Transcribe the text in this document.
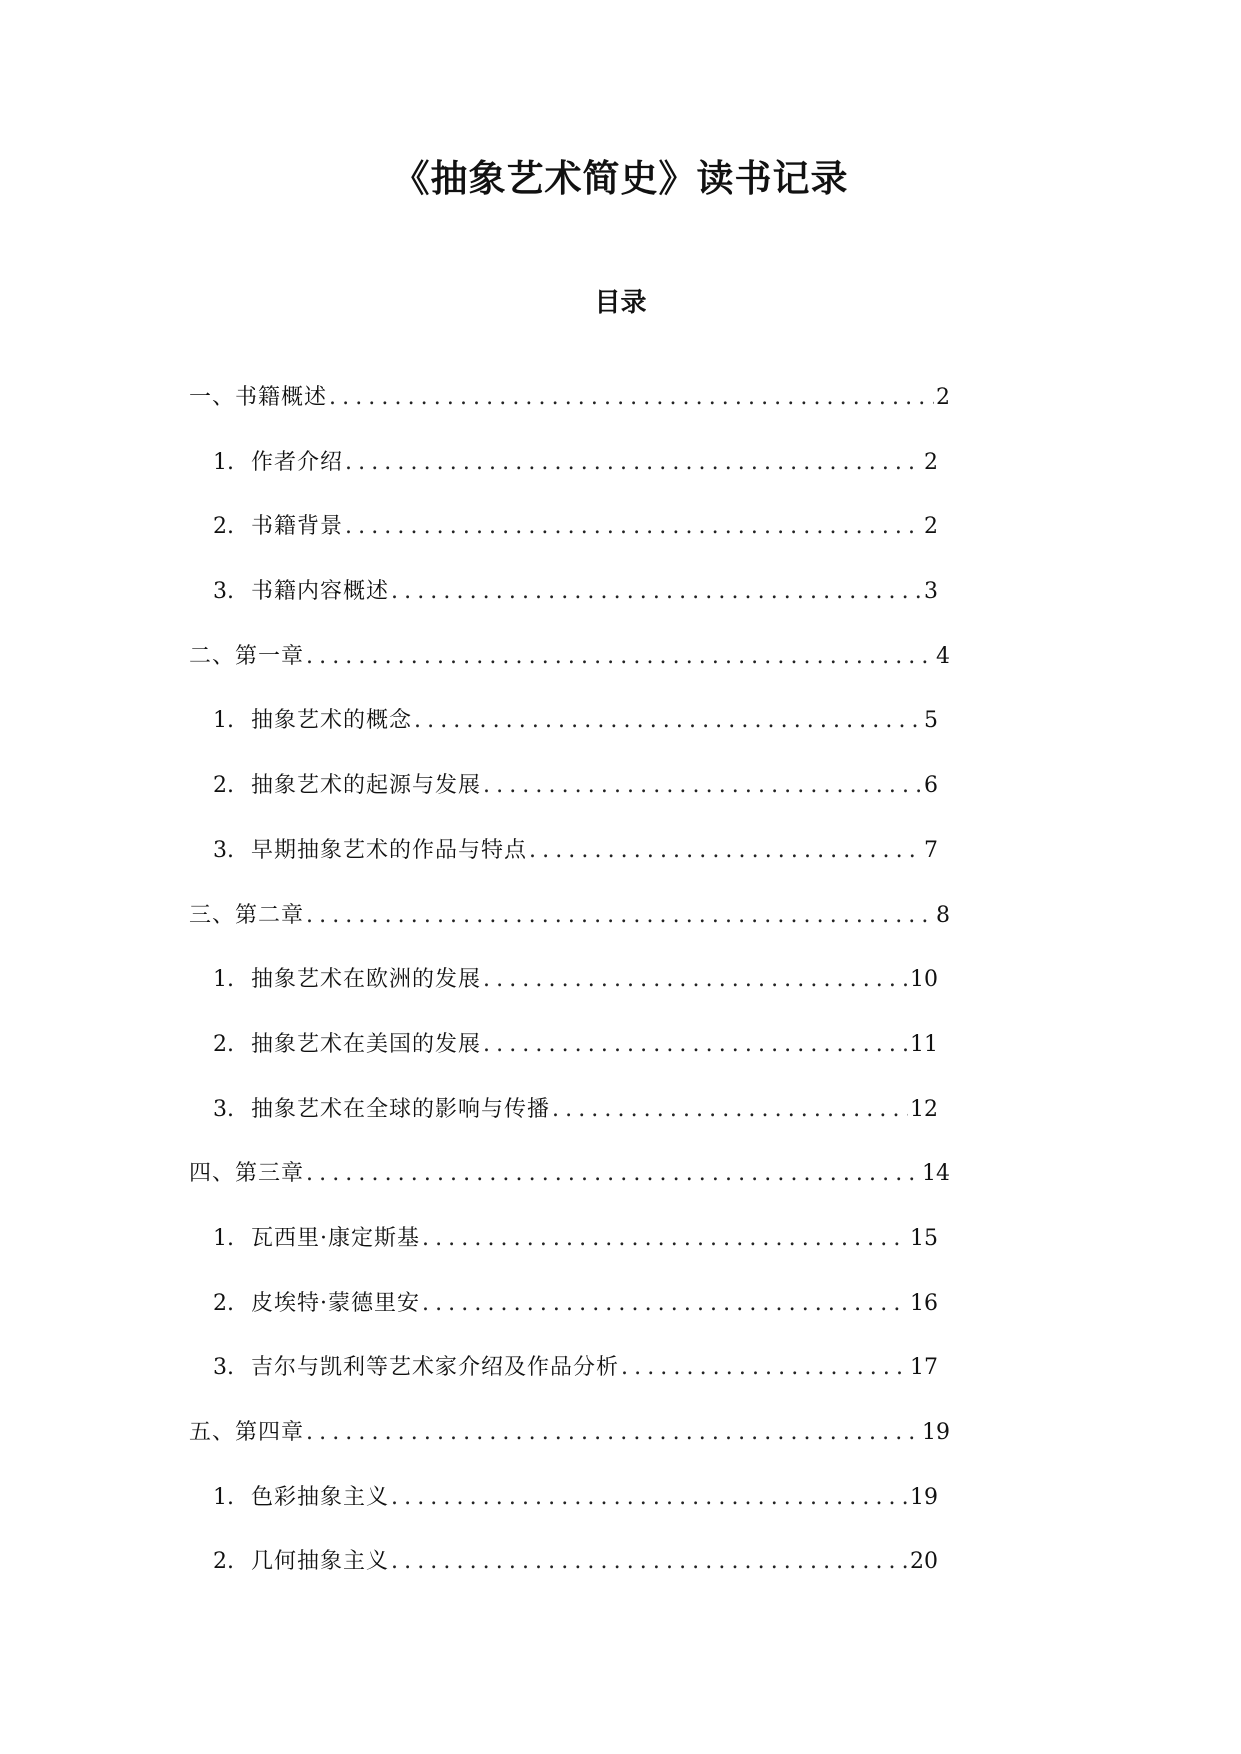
《抽象艺术简史》读书记录
目录
一、书籍概述 .....	2
1. 作者介绍 .....	2
2. 书籍背景 .....	2
3. 书籍内容概述 .....	3
二、第一章 .....	4
1. 抽象艺术的概念 .....	5
2. 抽象艺术的起源与发展 .....	6
3. 早期抽象艺术的作品与特点 .....	7
三、第二章 .....	8
1. 抽象艺术在欧洲的发展 .....	10
2. 抽象艺术在美国的发展 .....	11
3. 抽象艺术在全球的影响与传播 .....	12
四、第三章 .....	14
1. 瓦西里·康定斯基 .....	15
2. 皮埃特·蒙德里安 .....	16
3. 吉尔与凯利等艺术家介绍及作品分析 .....	17
五、第四章 .....	19
1. 色彩抽象主义 .....	19
2. 几何抽象主义 .....	20
